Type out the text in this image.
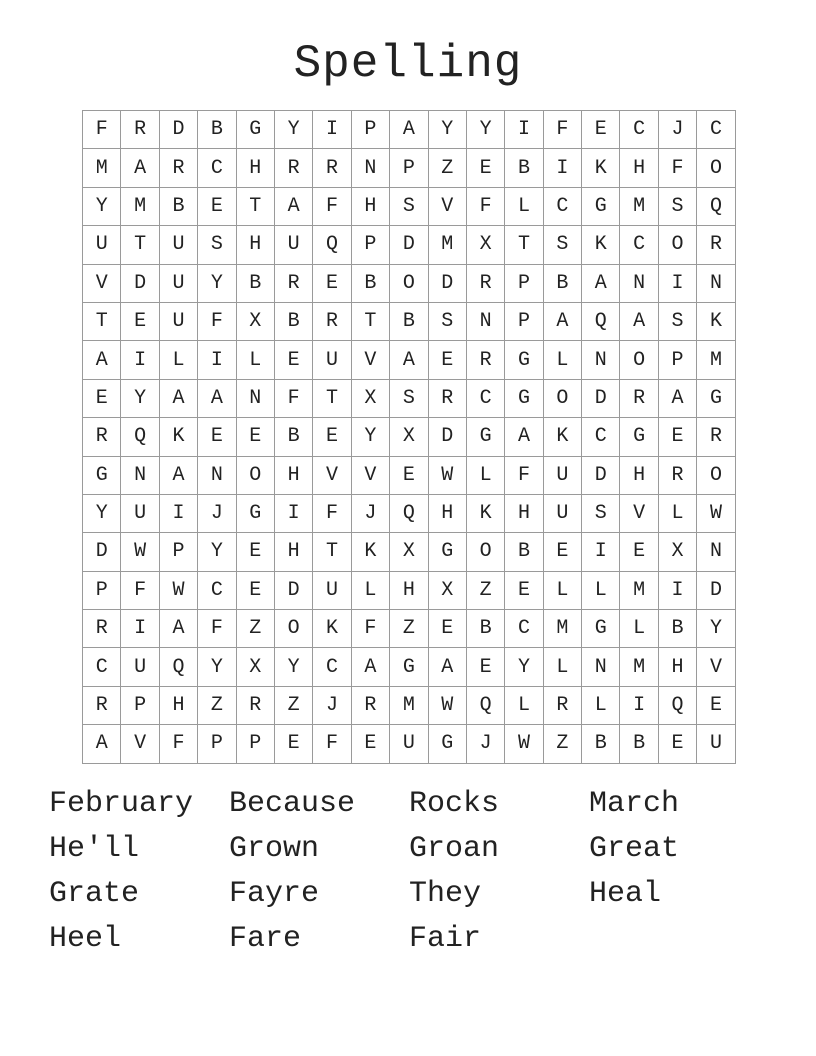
Spelling
F	R	D	B	G	Y	I	P	A	Y	Y	I	F	E	C	J	C
M	A	R	C	H	R	R	N	P	Z	E	B	I	K	H	F	O
Y	M	B	E	T	A	F	H	S	V	F	L	C	G	M	S	Q
U	T	U	S	H	U	Q	P	D	M	X	T	S	K	C	O	R
V	D	U	Y	B	R	E	B	O	D	R	P	B	A	N	I	N
T	E	U	F	X	B	R	T	B	S	N	P	A	Q	A	S	K
A	I	L	I	L	E	U	V	A	E	R	G	L	N	O	P	M
E	Y	A	A	N	F	T	X	S	R	C	G	O	D	R	A	G
R	Q	K	E	E	B	E	Y	X	D	G	A	K	C	G	E	R
G	N	A	N	O	H	V	V	E	W	L	F	U	D	H	R	O
Y	U	I	J	G	I	F	J	Q	H	K	H	U	S	V	L	W
D	W	P	Y	E	H	T	K	X	G	O	B	E	I	E	X	N
P	F	W	C	E	D	U	L	H	X	Z	E	L	L	M	I	D
R	I	A	F	Z	O	K	F	Z	E	B	C	M	G	L	B	Y
C	U	Q	Y	X	Y	C	A	G	A	E	Y	L	N	M	H	V
R	P	H	Z	R	Z	J	R	M	W	Q	L	R	L	I	Q	E
A	V	F	P	P	E	F	E	U	G	J	W	Z	B	B	E	U
February	Because	Rocks	March
He'll	Grown	Groan	Great
Grate	Fayre	They	Heal
Heel	Fare	Fair
